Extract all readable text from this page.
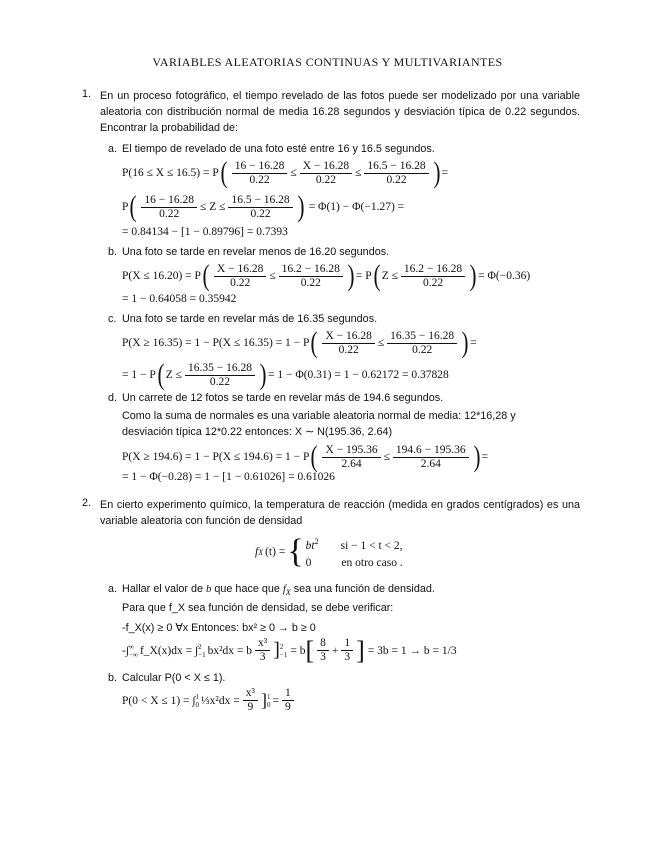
VARIABLES ALEATORIAS CONTINUAS Y MULTIVARIANTES
1. En un proceso fotográfico, el tiempo revelado de las fotos puede ser modelizado por una variable aleatoria con distribución normal de media 16.28 segundos y desviación típica de 0.22 segundos. Encontrar la probabilidad de:
a. El tiempo de revelado de una foto esté entre 16 y 16.5 segundos.
P(16 ≤ X ≤ 16.5) = P ( $\frac{16 - 16.28}{0.22} \le \frac{X - 16.28}{0.22} \le \frac{16.5 - 16.28}{0.22}$ ) =
P ( $\frac{16 - 16.28}{0.22} \le Z \le \frac{16.5 - 16.28}{0.22}$ ) = Φ(1) − Φ(−1.27) =
= 0.84134 − [1 − 0.89796] = 0.7393
b. Una foto se tarde en revelar menos de 16.20 segundos.
P(X ≤ 16.20) = P ( $\frac{X - 16.28}{0.22} \le \frac{16.2 - 16.28}{0.22}$ ) = P ( $Z \le \frac{16.2 - 16.28}{0.22}$ ) = Φ(−0.36)
= 1 − 0.64058 = 0.35942
c. Una foto se tarde en revelar más de 16.35 segundos.
P(X ≥ 16.35) = 1 − P(X ≤ 16.35) = 1 − P ( $\frac{X - 16.28}{0.22} \le \frac{16.35 - 16.28}{0.22}$ ) =
= 1 − P ( $Z \le \frac{16.35 - 16.28}{0.22}$ ) = 1 − Φ(0.31) = 1 − 0.62172 = 0.37828
d. Un carrete de 12 fotos se tarde en revelar más de 194.6 segundos.
Como la suma de normales es una variable aleatoria normal de media: 12*16,28 y
desviación típica 12*0.22 entonces: X ∼ N(195.36, 2.64)
P(X ≥ 194.6) = 1 − P(X ≤ 194.6) = 1 − P ( $\frac{X - 195.36}{2.64} \le \frac{194.6 - 195.36}{2.64}$ ) =
= 1 − Φ(−0.28) = 1 − [1 − 0.61026] = 0.61026
2. En cierto experimento químico, la temperatura de reacción (medida en grados centígrados) es una variable aleatoria con función de densidad
f X (t) = { $bt^2$ si − 1 < t < 2,
0	en otro caso .
a. Hallar el valor de b que hace que $f_X$ sea una función de densidad.
Para que f_X sea función de densidad, se debe verificar:
-f_X(x) ≥ 0 ∀x Entonces: bx² ≥ 0 → b ≥ 0
-∫ ∞
−∞ f_X(x)dx = ∫ 2
−1 bx²dx = b $\frac{\text{x³}}{3}$ ] 2
−1 = b [ $\frac{8}{3} + \frac{1}{3}$ ] = 3b = 1 → b = 1/3
b. Calcular P(0 < X ≤ 1).
P(0 < X ≤ 1) = ∫ 1
0 ⅓x²dx = $\frac{\text{x³}}{9}$ ] 1
$0 = \frac{1}{9}$
